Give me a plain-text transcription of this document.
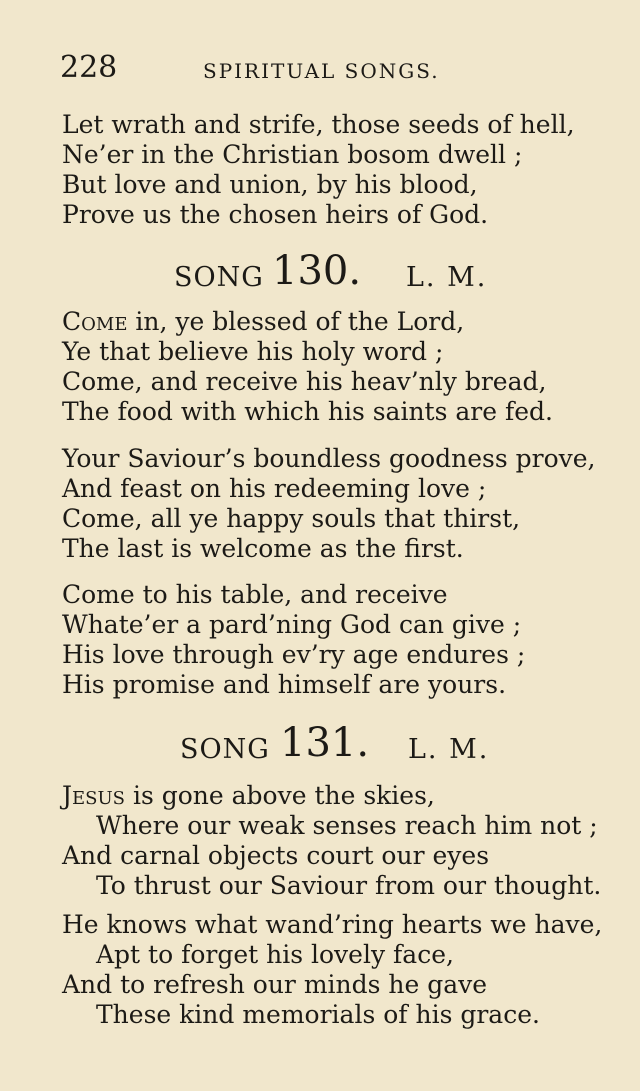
228	SPIRITUAL SONGS.
Let wrath and strife, those seeds of hell,
Ne’er in the Christian bosom dwell ;
But love and union, by his blood,
Prove us the chosen heirs of God.
SONG 130. L. M.
Come in, ye blessed of the Lord,
Ye that believe his holy word ;
Come, and receive his heav’nly bread,
The food with which his saints are fed.
Your Saviour’s boundless goodness prove,
And feast on his redeeming love ;
Come, all ye happy souls that thirst,
The last is welcome as the first.
Come to his table, and receive
Whate’er a pard’ning God can give ;
His love through ev’ry age endures ;
His promise and himself are yours.
SONG 131. L. M.
Jesus is gone above the skies,
Where our weak senses reach him not ;
And carnal objects court our eyes
To thrust our Saviour from our thought.
He knows what wand’ring hearts we have,
Apt to forget his lovely face,
And to refresh our minds he gave
These kind memorials of his grace.
